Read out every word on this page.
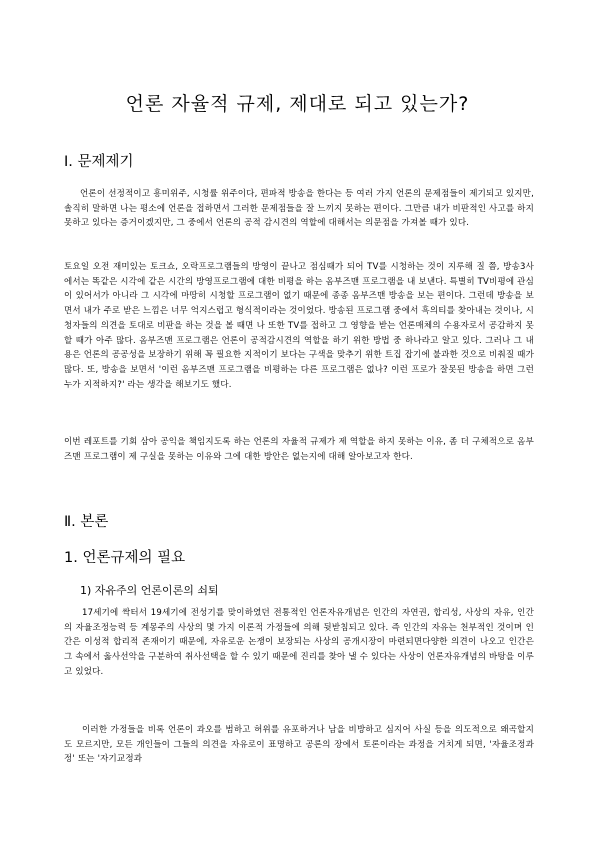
언론 자율적 규제, 제대로 되고 있는가?
Ⅰ. 문제제기
언론이 선정적이고 흥미위주, 시청률 위주이다, 편파적 방송을 한다는 등 여러 가지 언론의 문제점들이 제기되고 있지만, 솔직히 말하면 나는 평소에 언론을 접하면서 그러한 문제점들을 잘 느끼지 못하는 편이다. 그만큼 내가 비판적인 사고를 하지 못하고 있다는 증거이겠지만, 그 중에서 언론의 공적 감시견의 역할에 대해서는 의문점을 가져볼 때가 있다.
토요일 오전 재미있는 토크쇼, 오락프로그램들의 방영이 끝나고 점심때가 되어 TV를 시청하는 것이 지루해 질 쯤, 방송3사에서는 똑같은 시각에 같은 시간의 방영프로그램에 대한 비평을 하는 옴부즈맨 프로그램을 내 보낸다. 특별히 TV비평에 관심이 있어서가 아니라 그 시각에 마땅히 시청할 프로그램이 없기 때문에 종종 옴부즈맨 방송을 보는 편이다. 그런데 방송을 보면서 내가 주로 받은 느낌은 너무 억지스럽고 형식적이라는 것이었다. 방송된 프로그램 중에서 흑의티를 찾아내는 것이나, 시청자들의 의견을 토대로 비판을 하는 것을 볼 때면 나 또한 TV를 접하고 그 영향을 받는 언론매체의 수용자로서 공감하지 못할 때가 아주 많다. 옴부즈맨 프로그램은 언론이 공적감시견의 역할을 하기 위한 방법 중 하나라고 알고 있다. 그러나 그 내용은 언론의 공공성을 보장하기 위해 꼭 필요한 지적이기 보다는 구색을 맞추기 위한 트집 잡기에 불과한 것으로 비춰질 때가 많다. 또, 방송을 보면서 '이런 옴부즈맨 프로그램을 비평하는 다른 프로그램은 없나? 이런 프로가 잘못된 방송을 하면 그런 누가 지적하지?' 라는 생각을 해보기도 했다.
이번 레포트를 기회 삼아 공익을 책임지도록 하는 언론의 자율적 규제가 제 역할을 하지 못하는 이유, 좀 더 구체적으로 옴부즈맨 프로그램이 제 구실을 못하는 이유와 그에 대한 방안은 없는지에 대해 알아보고자 한다.
Ⅱ. 본론
1. 언론규제의 필요
1) 자유주의 언론이론의 쇠퇴
17세기에 싹터서 19세기에 전성기를 맞이하였던 전통적인 언론자유개념은 인간의 자연권, 합리성, 사상의 자유, 인간의 자율조정능력 등 계몽주의 사상의 몇 가지 이론적 가정들에 의해 뒷받침되고 있다. 즉 인간의 자유는 천부적인 것이며 인간은 이성적 합리적 존재이기 때문에, 자유로운 논쟁이 보장되는 사상의 공개시장이 마련되면다양한 의견이 나오고 인간은 그 속에서 옳사선악을 구분하여 취사선택을 할 수 있기 때문에 진리를 찾아 낼 수 있다는 사상이 언론자유개념의 바탕을 이루고 있었다.
이러한 가정들을 비록 언론이 과오를 범하고 허위를 유포하거나 남을 비방하고 심지어 사실 등을 의도적으로 왜곡할지도 모르지만, 모든 개인들이 그들의 의견을 자유로이 표명하고 공론의 장에서 토론이라는 과정을 거치게 되면, '자율조정과정' 또는 '자기교정과
